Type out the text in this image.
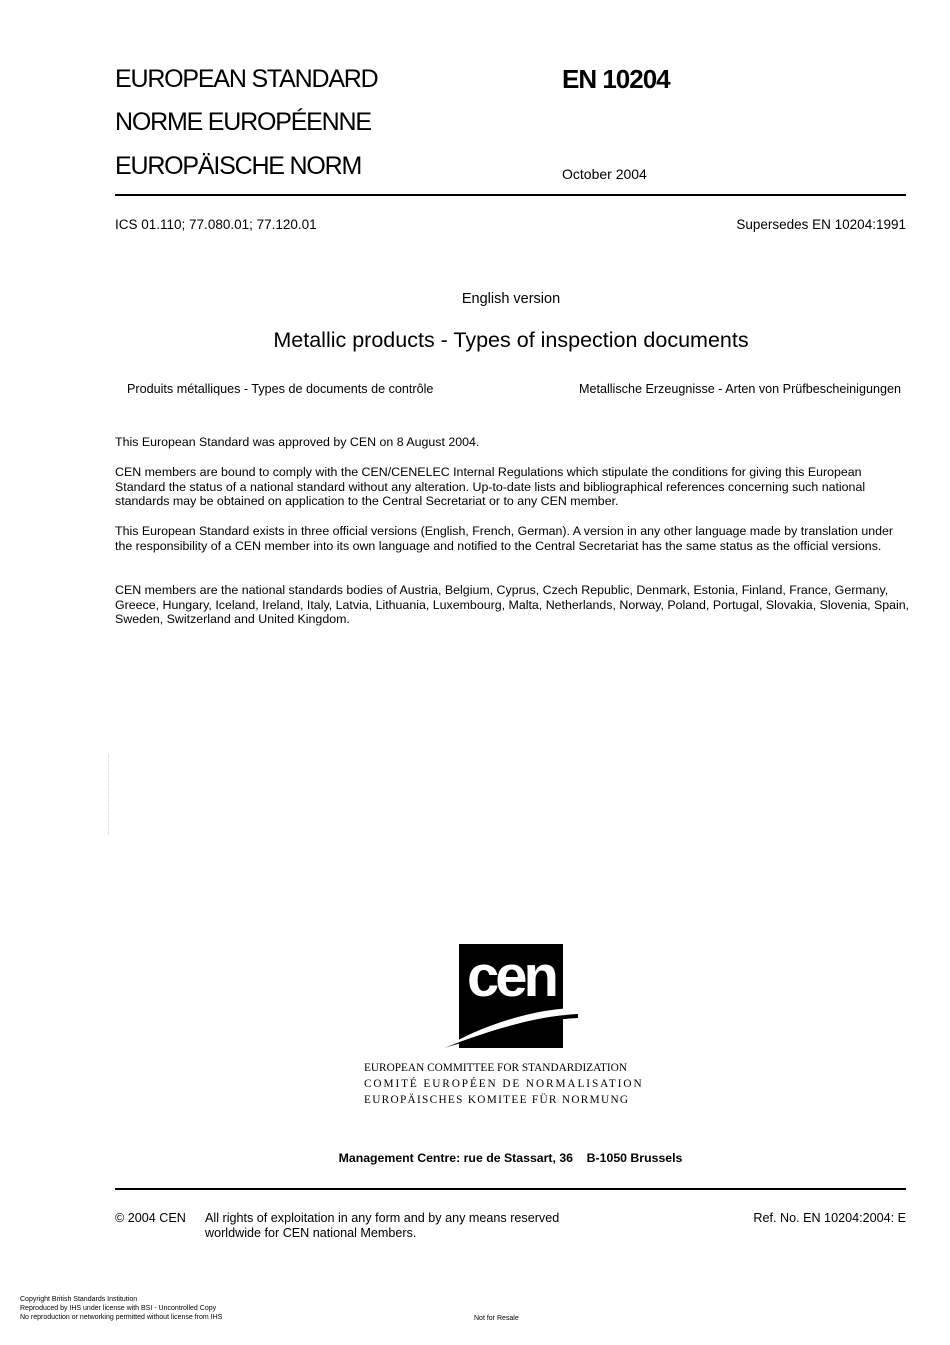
EUROPEAN STANDARD
NORME EUROPÉENNE
EUROPÄISCHE NORM
EN 10204
October 2004
ICS 01.110; 77.080.01; 77.120.01	Supersedes EN 10204:1991
English version
Metallic products - Types of inspection documents
Produits métalliques - Types de documents de contrôle	Metallische Erzeugnisse - Arten von Prüfbescheinigungen

This European Standard was approved by CEN on 8 August 2004.

CEN members are bound to comply with the CEN/CENELEC Internal Regulations which stipulate the conditions for giving this European Standard the status of a national standard without any alteration. Up-to-date lists and bibliographical references concerning such national standards may be obtained on application to the Central Secretariat or to any CEN member.

This European Standard exists in three official versions (English, French, German). A version in any other language made by translation under the responsibility of a CEN member into its own language and notified to the Central Secretariat has the same status as the official versions.

CEN members are the national standards bodies of Austria, Belgium, Cyprus, Czech Republic, Denmark, Estonia, Finland, France, Germany, Greece, Hungary, Iceland, Ireland, Italy, Latvia, Lithuania, Luxembourg, Malta, Netherlands, Norway, Poland, Portugal, Slovakia, Slovenia, Spain, Sweden, Switzerland and United Kingdom.

cen
EUROPEAN COMMITTEE FOR STANDARDIZATION
COMITÉ EUROPÉEN DE NORMALISATION
EUROPÄISCHES KOMITEE FÜR NORMUNG
Management Centre: rue de Stassart, 36    B-1050 Brussels
© 2004 CEN All rights of exploitation in any form and by any means reserved worldwide for CEN national Members.
Ref. No. EN 10204:2004: E
Copyright British Standards Institution
Reproduced by IHS under license with BSI - Uncontrolled Copy
No reproduction or networking permitted without license from IHS	Not for Resale
